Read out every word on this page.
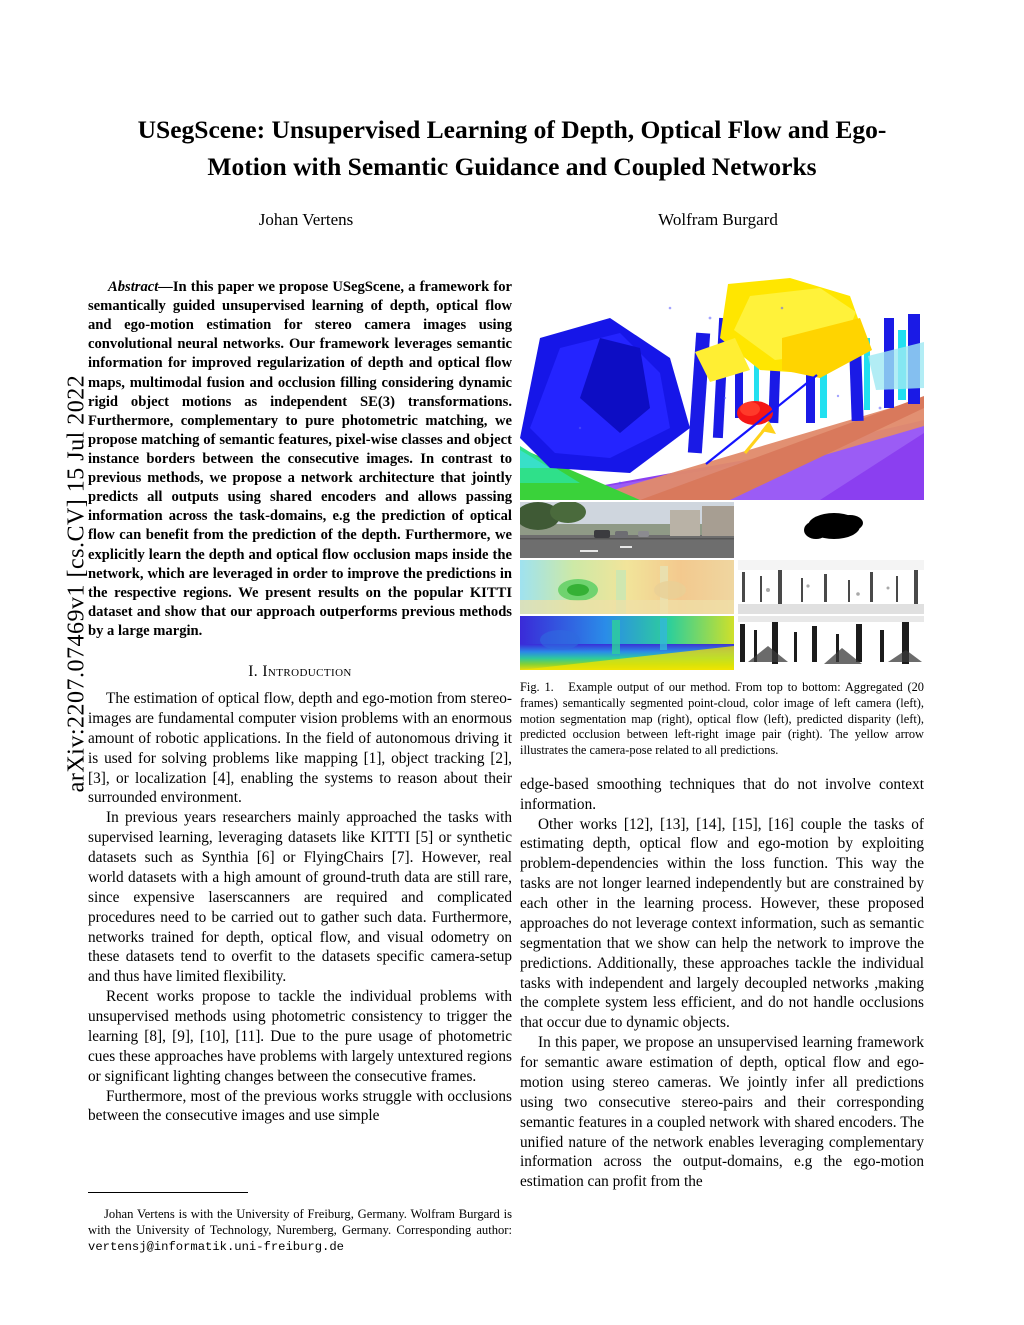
arXiv:2207.07469v1 [cs.CV] 15 Jul 2022
USegScene: Unsupervised Learning of Depth, Optical Flow and Ego-Motion with Semantic Guidance and Coupled Networks
Johan Vertens	Wolfram Burgard

Abstract—In this paper we propose USegScene, a framework for semantically guided unsupervised learning of depth, optical flow and ego-motion estimation for stereo camera images using convolutional neural networks. Our framework leverages semantic information for improved regularization of depth and optical flow maps, multimodal fusion and occlusion filling considering dynamic rigid object motions as independent SE(3) transformations. Furthermore, complementary to pure photometric matching, we propose matching of semantic features, pixel-wise classes and object instance borders between the consecutive images. In contrast to previous methods, we propose a network architecture that jointly predicts all outputs using shared encoders and allows passing information across the task-domains, e.g the prediction of optical flow can benefit from the prediction of the depth. Furthermore, we explicitly learn the depth and optical flow occlusion maps inside the network, which are leveraged in order to improve the predictions in the respective regions. We present results on the popular KITTI dataset and show that our approach outperforms previous methods by a large margin.

I. Introduction

The estimation of optical flow, depth and ego-motion from stereo-images are fundamental computer vision problems with an enormous amount of robotic applications. In the field of autonomous driving it is used for solving problems like mapping [1], object tracking [2], [3], or localization [4], enabling the systems to reason about their surrounded environment.

In previous years researchers mainly approached the tasks with supervised learning, leveraging datasets like KITTI [5] or synthetic datasets such as Synthia [6] or FlyingChairs [7]. However, real world datasets with a high amount of ground-truth data are still rare, since expensive laserscanners are required and complicated procedures need to be carried out to gather such data. Furthermore, networks trained for depth, optical flow, and visual odometry on these datasets tend to overfit to the datasets specific camera-setup and thus have limited flexibility.

Recent works propose to tackle the individual problems with unsupervised methods using photometric consistency to trigger the learning [8], [9], [10], [11]. Due to the pure usage of photometric cues these approaches have problems with largely untextured regions or significant lighting changes between the consecutive frames.

Furthermore, most of the previous works struggle with occlusions between the consecutive images and use simple

Johan Vertens is with the University of Freiburg, Germany. Wolfram Burgard is with the University of Technology, Nuremberg, Germany. Corresponding author: vertensj@informatik.uni-freiburg.de

Fig. 1. Example output of our method. From top to bottom: Aggregated (20 frames) semantically segmented point-cloud, color image of left camera (left), motion segmentation map (right), optical flow (left), predicted disparity (left), predicted occlusion between left-right image pair (right). The yellow arrow illustrates the camera-pose related to all predictions.

edge-based smoothing techniques that do not involve context information.

Other works [12], [13], [14], [15], [16] couple the tasks of estimating depth, optical flow and ego-motion by exploiting problem-dependencies within the loss function. This way the tasks are not longer learned independently but are constrained by each other in the learning process. However, these proposed approaches do not leverage context information, such as semantic segmentation that we show can help the network to improve the predictions. Additionally, these approaches tackle the individual tasks with independent and largely decoupled networks ,making the complete system less efficient, and do not handle occlusions that occur due to dynamic objects.

In this paper, we propose an unsupervised learning framework for semantic aware estimation of depth, optical flow and ego-motion using stereo cameras. We jointly infer all predictions using two consecutive stereo-pairs and their corresponding semantic features in a coupled network with shared encoders. The unified nature of the network enables leveraging complementary information across the output-domains, e.g the ego-motion estimation can profit from the
